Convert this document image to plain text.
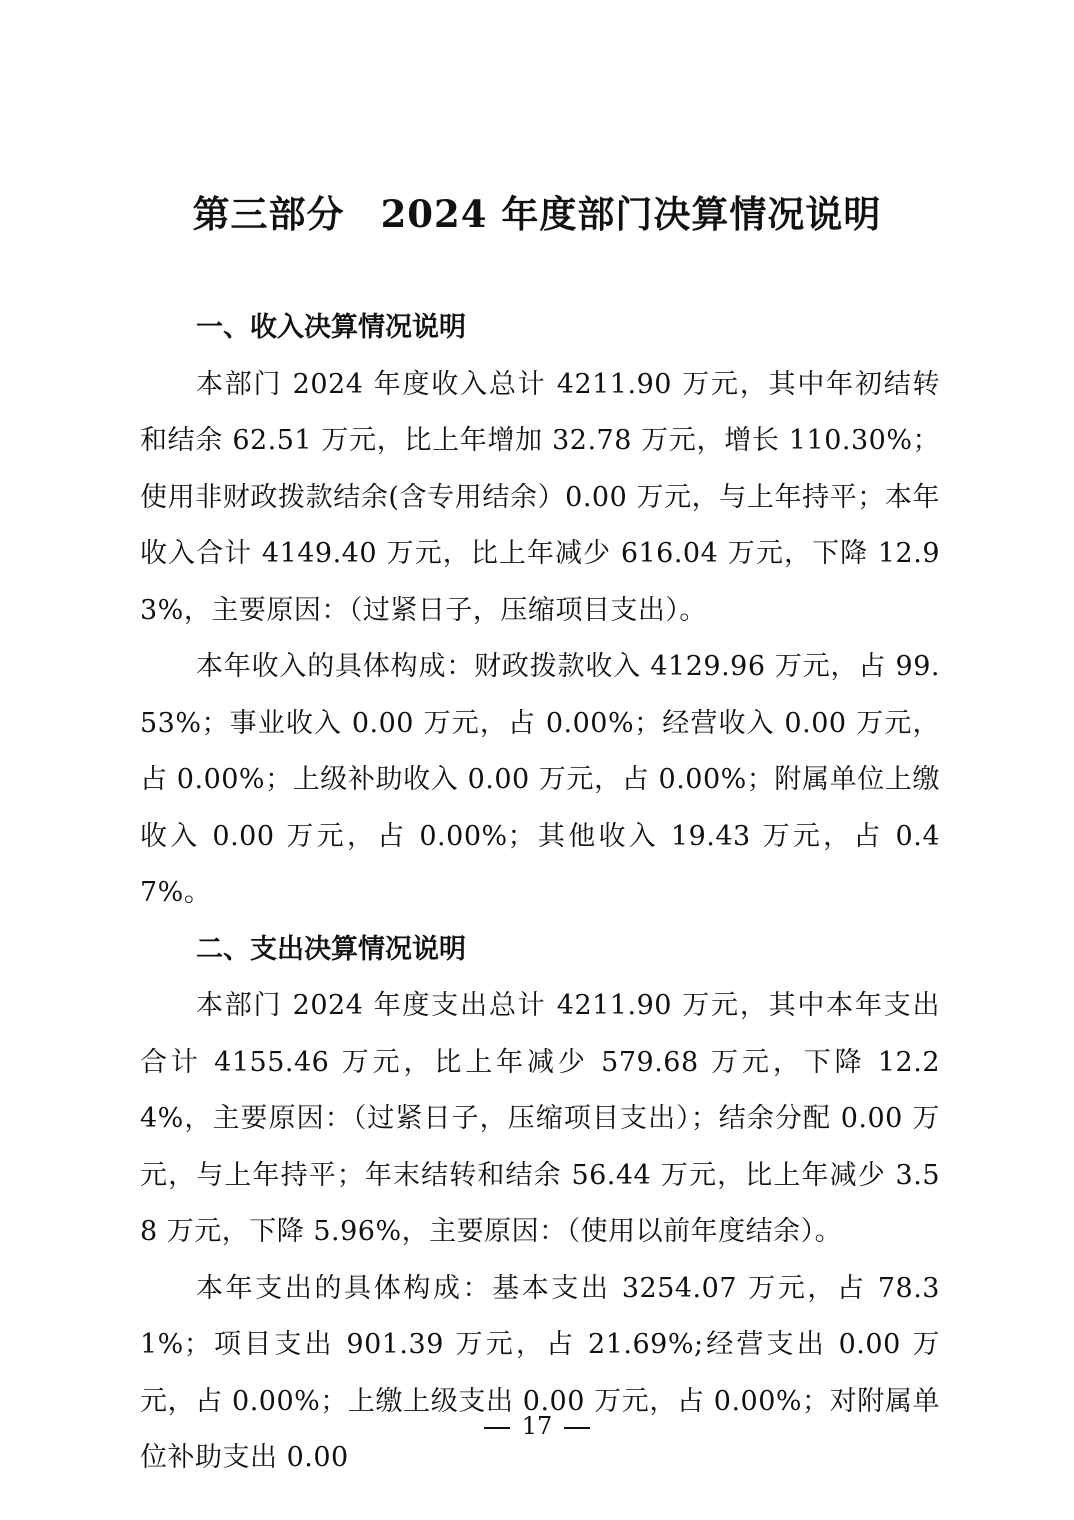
第三部分 2024 年度部门决算情况说明
一、收入决算情况说明

本部门 2024 年度收入总计 4211.90 万元，其中年初结转和结余 62.51 万元，比上年增加 32.78 万元，增长 110.30%；使用非财政拨款结余(含专用结余）0.00 万元，与上年持平；本年收入合计 4149.40 万元，比上年减少 616.04 万元，下降 12.93%，主要原因：（过紧日子，压缩项目支出）。

本年收入的具体构成：财政拨款收入 4129.96 万元，占 99.53%；事业收入 0.00 万元，占 0.00%；经营收入 0.00 万元，占 0.00%；上级补助收入 0.00 万元，占 0.00%；附属单位上缴收入 0.00 万元，占 0.00%；其他收入 19.43 万元，占 0.47%。

二、支出决算情况说明

本部门 2024 年度支出总计 4211.90 万元，其中本年支出合计 4155.46 万元，比上年减少 579.68 万元，下降 12.24%，主要原因：（过紧日子，压缩项目支出）；结余分配 0.00 万元，与上年持平；年末结转和结余 56.44 万元，比上年减少 3.58 万元，下降 5.96%，主要原因：（使用以前年度结余）。

本年支出的具体构成：基本支出 3254.07 万元，占 78.31%；项目支出 901.39 万元，占 21.69%;经营支出 0.00 万元，占 0.00%；上缴上级支出 0.00 万元，占 0.00%；对附属单位补助支出 0.00

17
